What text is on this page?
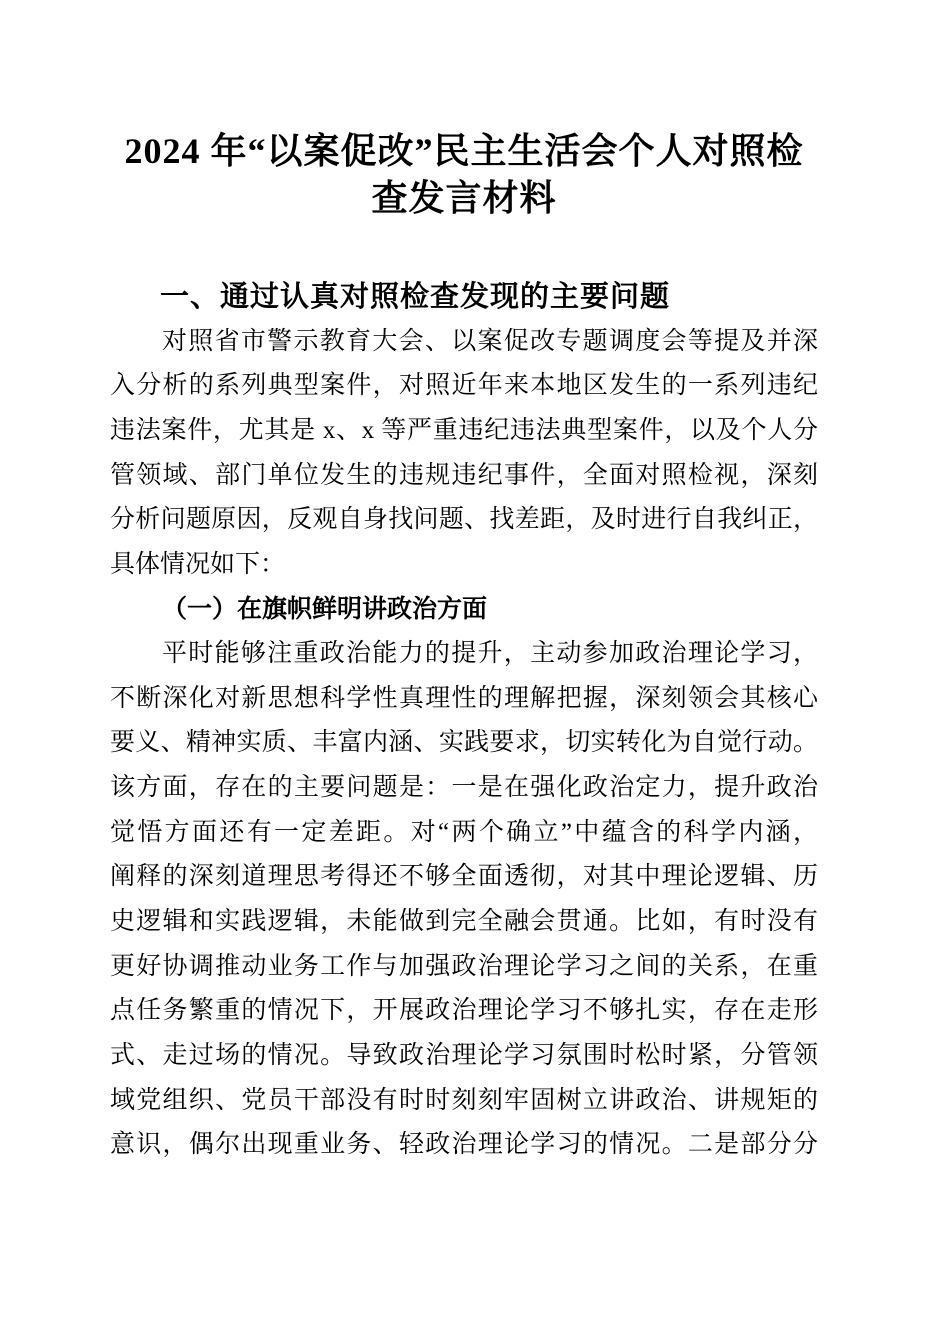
2024 年“以案促改”民主生活会个人对照检
查发言材料
一、通过认真对照检查发现的主要问题
对照省市警示教育大会、以案促改专题调度会等提及并深
入分析的系列典型案件，对照近年来本地区发生的一系列违纪
违法案件，尤其是 x、x 等严重违纪违法典型案件，以及个人分
管领域、部门单位发生的违规违纪事件，全面对照检视，深刻
分析问题原因，反观自身找问题、找差距，及时进行自我纠正，
具体情况如下：
（一）在旗帜鲜明讲政治方面
平时能够注重政治能力的提升，主动参加政治理论学习，
不断深化对新思想科学性真理性的理解把握，深刻领会其核心
要义、精神实质、丰富内涵、实践要求，切实转化为自觉行动。
该方面，存在的主要问题是：一是在强化政治定力，提升政治
觉悟方面还有一定差距。对“两个确立”中蕴含的科学内涵，
阐释的深刻道理思考得还不够全面透彻，对其中理论逻辑、历
史逻辑和实践逻辑，未能做到完全融会贯通。比如，有时没有
更好协调推动业务工作与加强政治理论学习之间的关系，在重
点任务繁重的情况下，开展政治理论学习不够扎实，存在走形
式、走过场的情况。导致政治理论学习氛围时松时紧，分管领
域党组织、党员干部没有时时刻刻牢固树立讲政治、讲规矩的
意识，偶尔出现重业务、轻政治理论学习的情况。二是部分分
